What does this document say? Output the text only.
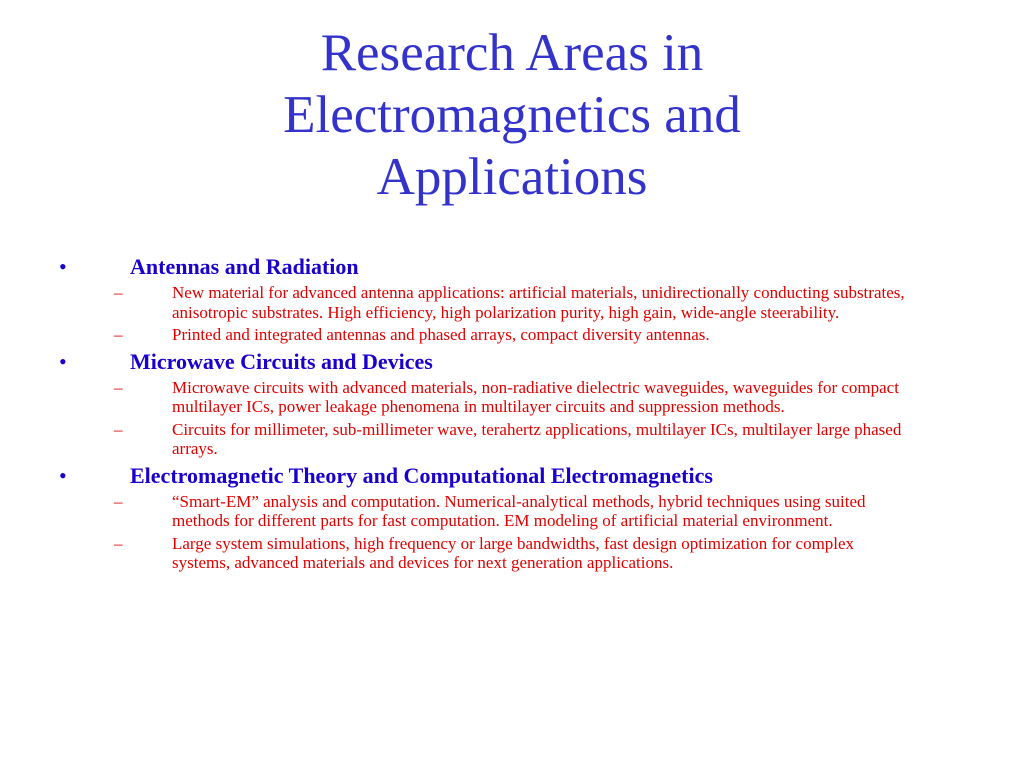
Research Areas in
Electromagnetics and
Applications
•	Antennas and Radiation
–	New material for advanced antenna applications: artificial materials, unidirectionally conducting substrates, anisotropic substrates. High efficiency, high polarization purity, high gain, wide-angle steerability.
–	Printed and integrated antennas and phased arrays, compact diversity antennas.
•	Microwave Circuits and Devices
–	Microwave circuits with advanced materials, non-radiative dielectric waveguides, waveguides for compact multilayer ICs, power leakage phenomena in multilayer circuits and suppression methods.
–	Circuits for millimeter, sub-millimeter wave, terahertz applications, multilayer ICs, multilayer large phased arrays.
•	Electromagnetic Theory and Computational Electromagnetics
–	“Smart-EM” analysis and computation. Numerical-analytical methods, hybrid techniques using suited methods for different parts for fast computation. EM modeling of artificial material environment.
–	Large system simulations, high frequency or large bandwidths, fast design optimization for complex systems, advanced materials and devices for next generation applications.
